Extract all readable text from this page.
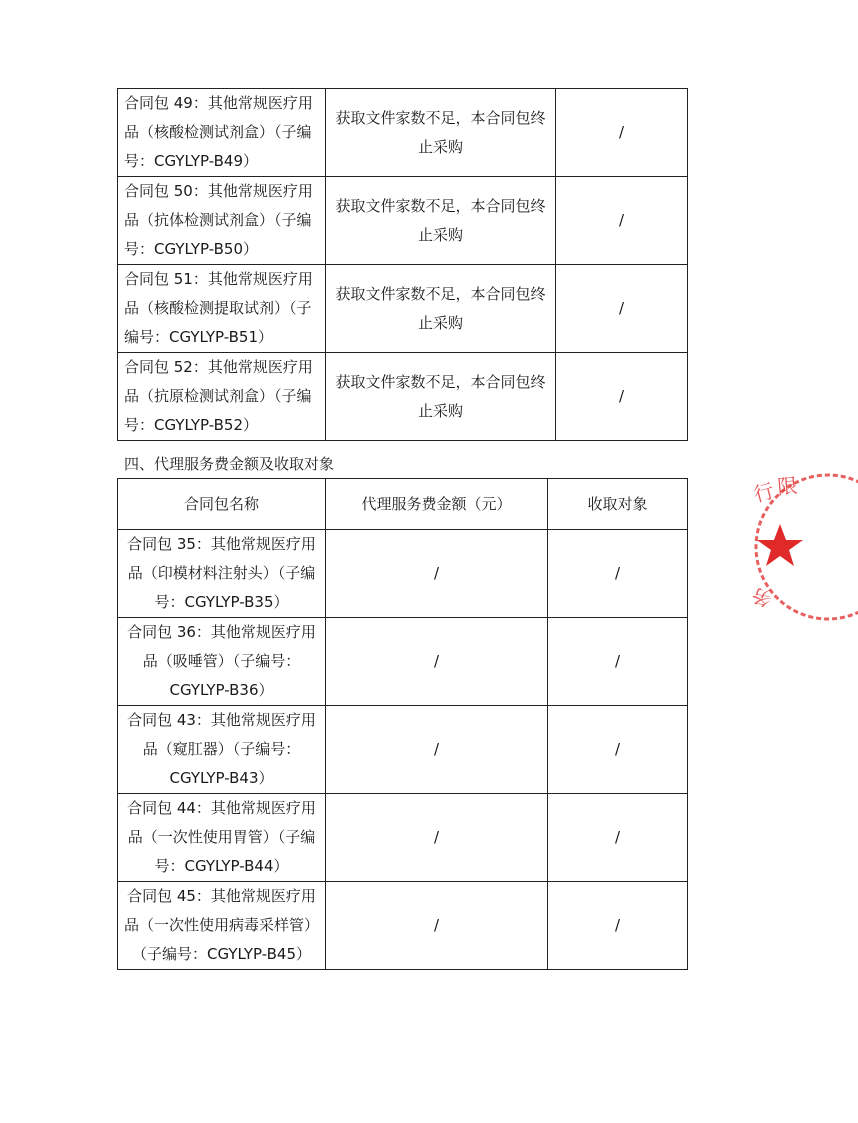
合同包 49：其他常规医疗用品（核酸检测试剂盒）（子编号：CGYLYP-B49）	获取文件家数不足，本合同包终止采购	/
合同包 50：其他常规医疗用品（抗体检测试剂盒）（子编号：CGYLYP-B50）	获取文件家数不足，本合同包终止采购	/
合同包 51：其他常规医疗用品（核酸检测提取试剂）（子编号：CGYLYP-B51）	获取文件家数不足，本合同包终止采购	/
合同包 52：其他常规医疗用品（抗原检测试剂盒）（子编号：CGYLYP-B52）	获取文件家数不足，本合同包终止采购	/
四、代理服务费金额及收取对象
合同包名称	代理服务费金额（元）	收取对象
合同包 35：其他常规医疗用品（印模材料注射头）（子编号：CGYLYP-B35）	/	/
合同包 36：其他常规医疗用品（吸唾管）（子编号：CGYLYP-B36）	/	/
合同包 43：其他常规医疗用品（窥肛器）（子编号：CGYLYP-B43）	/	/
合同包 44：其他常规医疗用品（一次性使用胃管）（子编号：CGYLYP-B44）	/	/
合同包 45：其他常规医疗用品（一次性使用病毒采样管）（子编号：CGYLYP-B45）	/	/
行 限
务
